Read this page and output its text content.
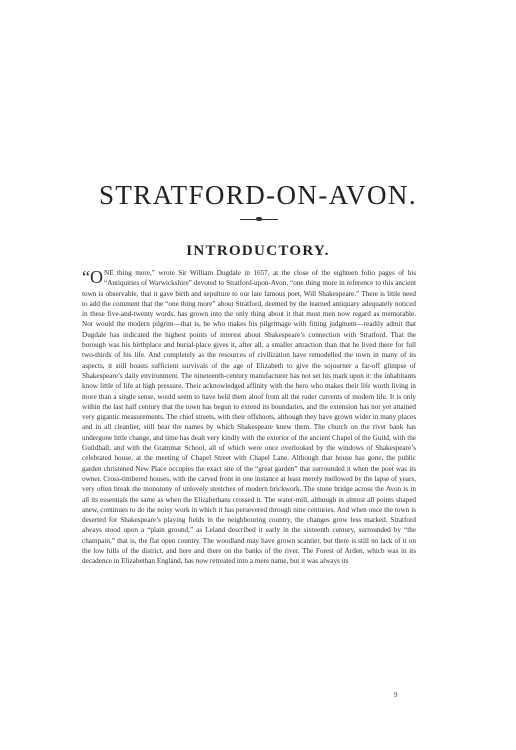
STRATFORD-ON-AVON.
INTRODUCTORY.

“ONE thing more,” wrote Sir William Dugdale in 1657, at the close of the eighteen folio pages of his “Antiquities of Warwickshire” devoted to Stratford-upon-Avon, “one thing more in reference to this ancient town is observable, that it gave birth and sepulture to our late famous poet, Will Shakespeare.” There is little need to add the comment that the “one thing more” about Stratford, deemed by the learned antiquary adequately noticed in these five-and-twenty words, has grown into the only thing about it that most men now regard as memorable. Nor would the modern pilgrim—that is, he who makes his pilgrimage with fitting judgment—readily admit that Dugdale has indicated the highest points of interest about Shakespeare’s connection with Stratford. That the borough was his birthplace and burial-place gives it, after all, a smaller attraction than that he lived there for full two-thirds of his life. And completely as the resources of civilization have remodelled the town in many of its aspects, it still boasts sufficient survivals of the age of Elizabeth to give the sojourner a far-off glimpse of Shakespeare’s daily environment. The nineteenth-century manufacturer has not set his mark upon it: the inhabitants know little of life at high pressure. Their acknowledged affinity with the hero who makes their life worth living in more than a single sense, would seem to have held them aloof from all the ruder currents of modern life. It is only within the last half century that the town has begun to extend its boundaries, and the extension has not yet attained very gigantic measurements. The chief streets, with their offshoots, although they have grown wider in many places and in all cleanlier, still bear the names by which Shakespeare knew them. The church on the river bank has undergone little change, and time has dealt very kindly with the exterior of the ancient Chapel of the Guild, with the Guildhall, and with the Grammar School, all of which were once overlooked by the windows of Shakespeare’s celebrated house, at the meeting of Chapel Street with Chapel Lane. Although that house has gone, the public garden christened New Place occupies the exact site of the “great garden” that surrounded it when the poet was its owner. Cross-timbered houses, with the carved front in one instance at least merely mellowed by the lapse of years, very often break the monotony of unlovely stretches of modern brickwork. The stone bridge across the Avon is in all its essentials the same as when the Elizabethans crossed it. The water-mill, although in almost all points shaped anew, continues to do the noisy work in which it has persevered through nine centuries. And when once the town is deserted for Shakespeare’s playing fields in the neighbouring country, the changes grow less marked. Stratford always stood upon a “plain ground,” as Leland described it early in the sixteenth century, surrounded by “the champain,” that is, the flat open country. The woodland may have grown scantier, but there is still no lack of it on the low hills of the district, and here and there on the banks of the river. The Forest of Arden, which was in its decadence in Elizabethan England, has now retreated into a mere name, but it was always its

9
